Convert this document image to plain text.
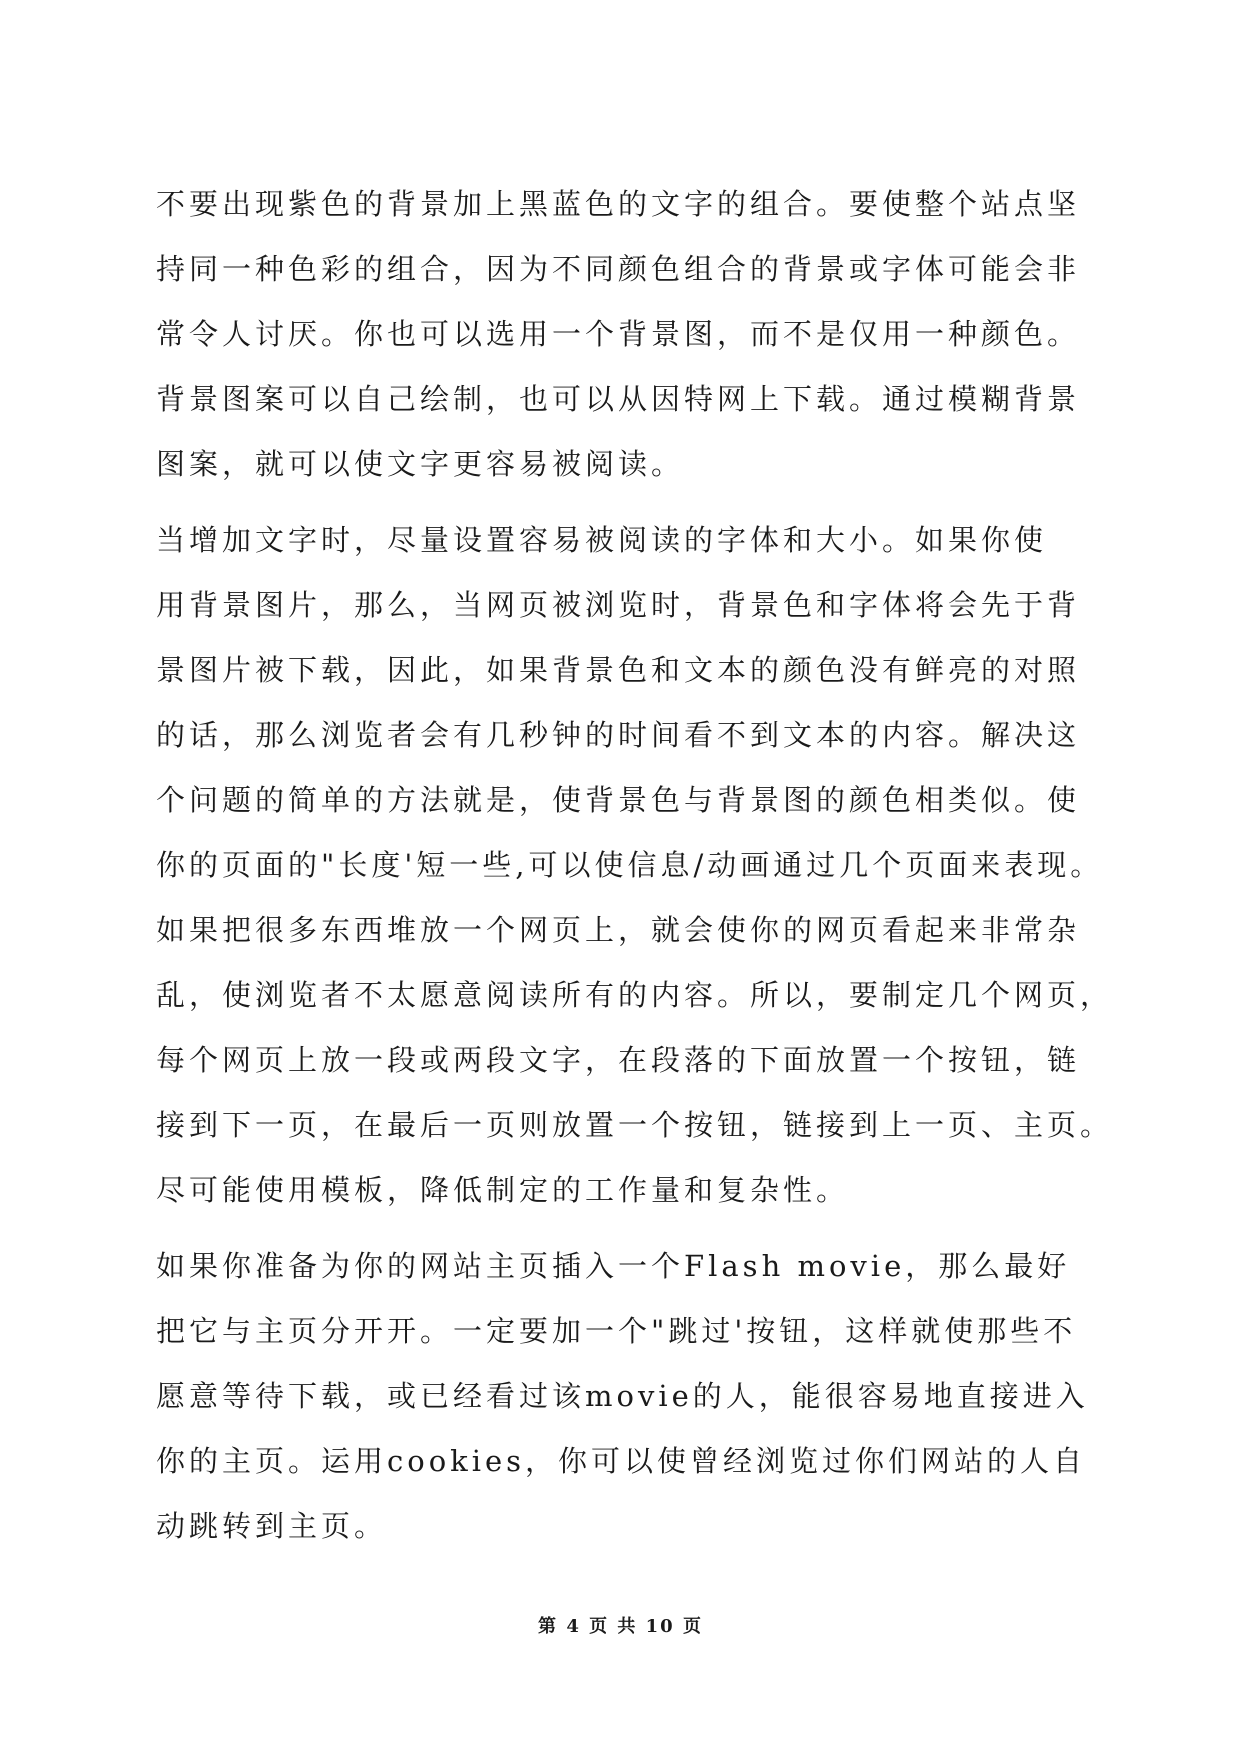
不要出现紫色的背景加上黑蓝色的文字的组合。要使整个站点坚
持同一种色彩的组合，因为不同颜色组合的背景或字体可能会非
常令人讨厌。你也可以选用一个背景图，而不是仅用一种颜色。
背景图案可以自己绘制，也可以从因特网上下载。通过模糊背景
图案，就可以使文字更容易被阅读。
当增加文字时，尽量设置容易被阅读的字体和大小。如果你使
用背景图片，那么，当网页被浏览时，背景色和字体将会先于背
景图片被下载，因此，如果背景色和文本的颜色没有鲜亮的对照
的话，那么浏览者会有几秒钟的时间看不到文本的内容。解决这
个问题的简单的方法就是，使背景色与背景图的颜色相类似。使
你的页面的"长度'短一些,可以使信息/动画通过几个页面来表现。
如果把很多东西堆放一个网页上，就会使你的网页看起来非常杂
乱，使浏览者不太愿意阅读所有的内容。所以，要制定几个网页，
每个网页上放一段或两段文字，在段落的下面放置一个按钮，链
接到下一页，在最后一页则放置一个按钮，链接到上一页、主页。
尽可能使用模板，降低制定的工作量和复杂性。
如果你准备为你的网站主页插入一个Flash movie，那么最好
把它与主页分开开。一定要加一个"跳过'按钮，这样就使那些不
愿意等待下载，或已经看过该movie的人，能很容易地直接进入
你的主页。运用cookies，你可以使曾经浏览过你们网站的人自
动跳转到主页。
第 4 页 共 10 页
